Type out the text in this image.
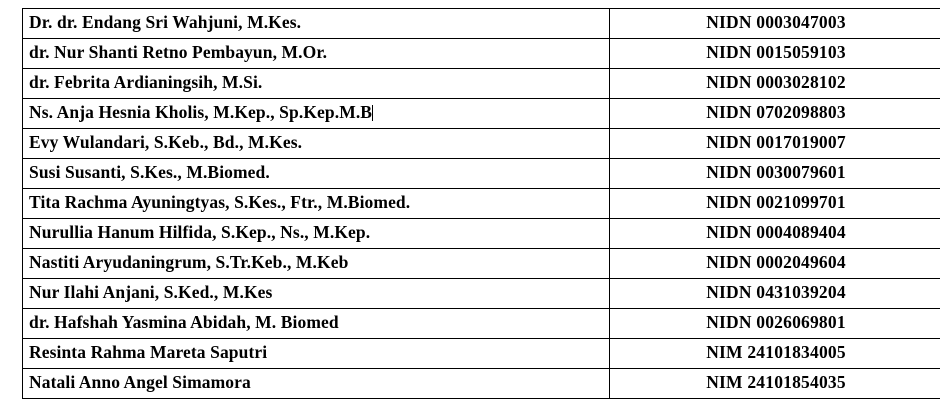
Dr. dr. Endang Sri Wahjuni, M.Kes.	NIDN 0003047003
dr. Nur Shanti Retno Pembayun, M.Or.	NIDN 0015059103
dr. Febrita Ardianingsih, M.Si.	NIDN 0003028102
Ns. Anja Hesnia Kholis, M.Kep., Sp.Kep.M.B	NIDN 0702098803
Evy Wulandari, S.Keb., Bd., M.Kes.	NIDN 0017019007
Susi Susanti, S.Kes., M.Biomed.	NIDN 0030079601
Tita Rachma Ayuningtyas, S.Kes., Ftr., M.Biomed.	NIDN 0021099701
Nurullia Hanum Hilfida, S.Kep., Ns., M.Kep.	NIDN 0004089404
Nastiti Aryudaningrum, S.Tr.Keb., M.Keb	NIDN 0002049604
Nur Ilahi Anjani, S.Ked., M.Kes	NIDN 0431039204
dr. Hafshah Yasmina Abidah, M. Biomed	NIDN 0026069801
Resinta Rahma Mareta Saputri	NIM 24101834005
Natali Anno Angel Simamora	NIM 24101854035
